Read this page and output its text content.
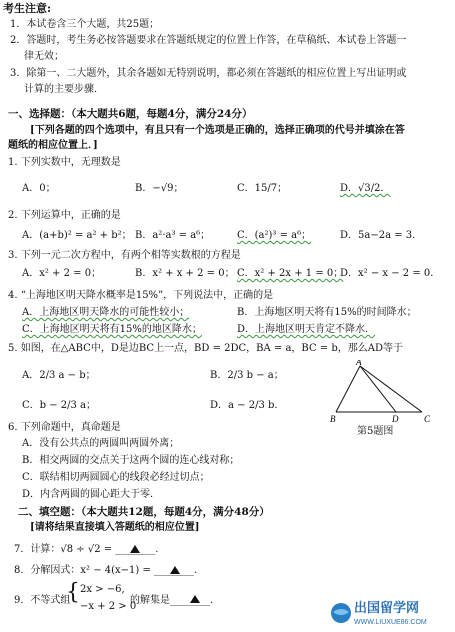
考生注意:
1．本试卷含三个大题，共25题；
2．答题时，考生务必按答题要求在答题纸规定的位置上作答，在草稿纸、本试卷上答题一
律无效；
3．除第一、二大题外，其余各题如无特别说明，都必须在答题纸的相应位置上写出证明或
计算的主要步骤．
一、选择题：（本大题共6题，每题4分，满分24分）
[下列各题的四个选项中，有且只有一个选项是正确的，选择正确项的代号并填涂在答
题纸的相应位置上．]
1. 下列实数中，无理数是
A．0；	B．−√9；	C．15/7；	D．√3/2．
2. 下列运算中，正确的是
A．(a+b)² = a² + b²； B．a²·a³ = a⁶；	C．(a²)³ = a⁶；	D．5a−2a = 3．
3. 下列一元二次方程中，有两个相等实数根的方程是
A．x² + 2 = 0；	B．x² + x + 2 = 0； C．x² + 2x + 1 = 0；
D．x² − x − 2 = 0．
4. “上海地区明天降水概率是15%”，下列说法中，正确的是
A．上海地区明天降水的可能性较小；	B．上海地区明天将有15%的时间降水；
C．上海地区明天将有15%的地区降水；	D．上海地区明天肯定不降水．
5. 如图，在△ABC中，D是边BC上一点，BD = 2DC，BA = a，BC = b，那么AD等于
A．2/3 a − b；	B．2/3 b − a；
C．b − 2/3 a；	D．a − 2/3 b．
A
B	C
D
第5题图
6. 下列命题中，真命题是
A．没有公共点的两圆叫两圆外离；
B．相交两圆的交点关于这两个圆的连心线对称；
C．联结相切两圆圆心的线段必经过切点；
D．内含两圆的圆心距大于零．
二、填空题：（本大题共12题，每题4分，满分48分）
[请将结果直接填入答题纸的相应位置]
7．计算：√8 ÷ √2 = ________.
8．分解因式：x² − 4(x−1) = ________.
9．不等式组
{ 2x > −6,
−x + 2 > 0
的解集是________.	出国留学网
WWW.LIUXUE86.COM
